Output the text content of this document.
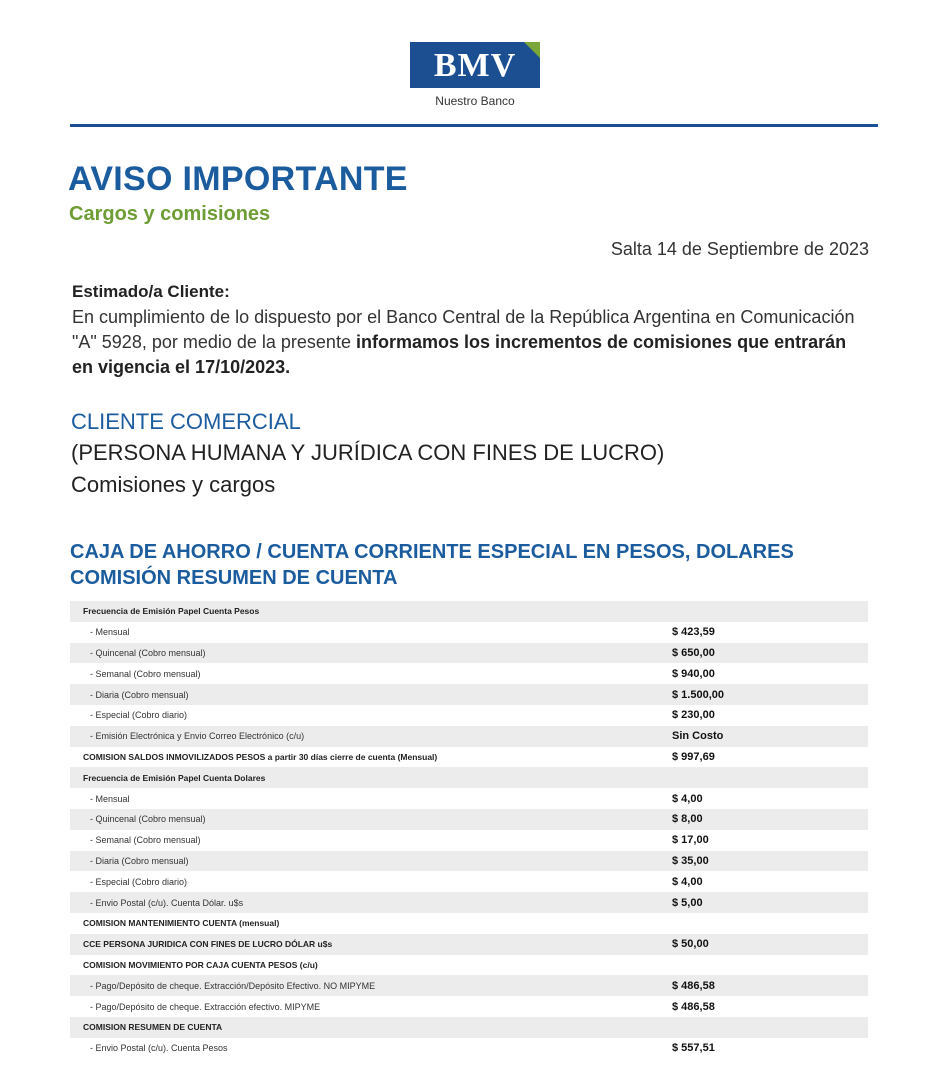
BMV
Nuestro Banco
AVISO IMPORTANTE
Cargos y comisiones
Salta 14 de Septiembre de 2023
Estimado/a Cliente:
En cumplimiento de lo dispuesto por el Banco Central de la República Argentina en Comunicación "A" 5928, por medio de la presente informamos los incrementos de comisiones que entrarán en vigencia el 17/10/2023.
CLIENTE COMERCIAL
(PERSONA HUMANA Y JURÍDICA CON FINES DE LUCRO)
Comisiones y cargos
CAJA DE AHORRO / CUENTA CORRIENTE ESPECIAL EN PESOS, DOLARES
COMISIÓN RESUMEN DE CUENTA
Frecuencia de Emisión Papel Cuenta Pesos
- Mensual	$ 423,59
- Quincenal (Cobro mensual)	$ 650,00
- Semanal (Cobro mensual)	$ 940,00
- Diaria (Cobro mensual)	$ 1.500,00
- Especial (Cobro diario)	$ 230,00
- Emisión Electrónica y Envio Correo Electrónico (c/u)	Sin Costo
COMISION SALDOS INMOVILIZADOS PESOS a partir 30 días cierre de cuenta (Mensual)	$ 997,69
Frecuencia de Emisión Papel Cuenta Dolares
- Mensual	$ 4,00
- Quincenal (Cobro mensual)	$ 8,00
- Semanal (Cobro mensual)	$ 17,00
- Diaria (Cobro mensual)	$ 35,00
- Especial (Cobro diario)	$ 4,00
- Envio Postal (c/u). Cuenta Dólar. u$s	$ 5,00
COMISION MANTENIMIENTO CUENTA (mensual)
CCE PERSONA JURIDICA CON FINES DE LUCRO DÓLAR u$s	$ 50,00
COMISION MOVIMIENTO POR CAJA CUENTA PESOS (c/u)
- Pago/Depósito de cheque. Extracción/Depósito Efectivo. NO MIPYME	$ 486,58
- Pago/Depósito de cheque. Extracción efectivo. MIPYME	$ 486,58
COMISION RESUMEN DE CUENTA
- Envio Postal (c/u). Cuenta Pesos	$ 557,51
